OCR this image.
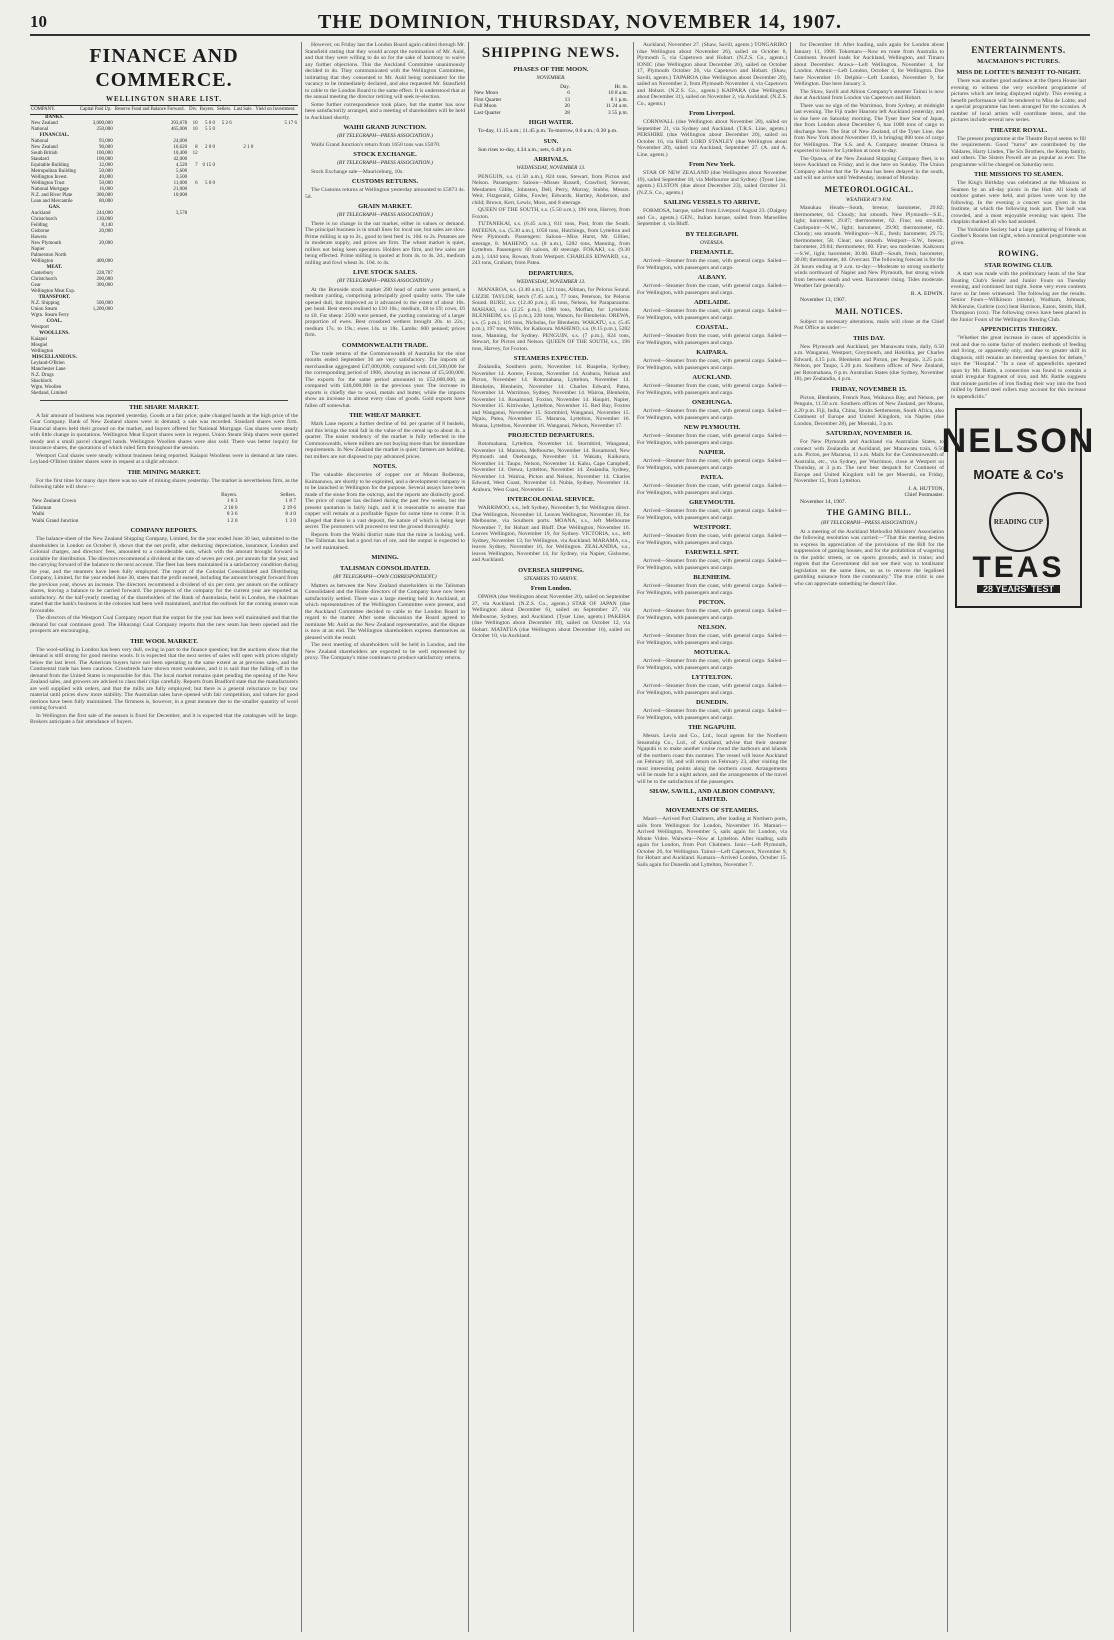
10	THE DOMINION, THURSDAY, NOVEMBER 14, 1907.
FINANCE AND COMMERCE.
WELLINGTON SHARE LIST.
COMPANY.	Capital Paid Up.	Reserve Fund and Balance Forward.	Div.	Buyers.	Sellers.	Last Sale.	Yield on Investment.
BANKS.							
New Zealand	3,000,000	393,678	10	5 0 0	5 2 6		5 17 6
National	250,000	465,000	10	5 5 0			
FINANCIAL.							
National	93,000	24,000					
New Zealand	96,000	16,620	8	2 0 0		2 1 0	
South British	100,000	10,400	12				
Standard	100,000	42,000					
Equitable Building	32,000	4,520	7	0 15 0			
Metropolitan Building	50,000	5,600					
Wellington Invest.	40,000	3,500					
Wellington Trust	50,000	11,000	6	5 0 0			
National Mortgage	16,000	21,000					
N.Z. and River Plate	300,000	10,000					
Loan and Mercantile	80,000						
GAS.							
Auckland	244,000	3,578					
Christchurch	130,000						
Feilding	8,140						
Gisborne	20,000						
Hawera							
New Plymouth	20,000						
Napier							
Palmerston North							
Wellington	400,000						
MEAT.							
Canterbury	228,707						
Christchurch	200,000						
Gear	300,000						
Wellington Meat Exp.							
TRANSPORT.							
N.Z. Shipping	500,000						
Union Steam	1,200,000						
Wgtn. Steam Ferry							
COAL.							
Westport							
WOOLLENS.							
Kaiapoi							
Mosgiel							
Wellington							
MISCELLANEOUS.							
Leyland-O'Brien							
Manchester Lane							
N.Z. Drugs							
Shacklock							
Wgtn. Woollen							
Shetland, Limited							
THE SHARE MARKET.

A fair amount of business was reported yesterday. Goods at a fair price; quite changed hands at the high price of the Gear Company. Bank of New Zealand shares were in demand; a sale was recorded. Standard shares were firm. Financial shares held their ground on the market, and buyers offered for National Mortgage. Gas shares were steady with little change in quotations. Wellington Meat Export shares were in request. Union Steam Ship shares were quoted steady and a small parcel changed hands. Wellington Woollen shares were also sold. There was better inquiry for insurance shares, the quotations of which ruled firm throughout the session.

Westport Coal shares were steady without business being reported. Kaiapoi Woollens were in demand at late rates. Leyland-O'Brien timber shares were in request at a slight advance.

THE MINING MARKET.

For the first time for many days there was no sale of mining shares yesterday. The market is nevertheless firm, as the following table will show:—

	Buyers.	Sellers.
New Zealand Crown	1 8 3	1 8 7
Talisman	2 18 0	2 19 6
Waihi	8 3 6	8 4 0
Waihi Grand Junction	1 2 0	1 3 0
COMPANY REPORTS.

The balance-sheet of the New Zealand Shipping Company, Limited, for the year ended June 30 last, submitted to the shareholders in London on October 8, shows that the net profit, after deducting depreciation, insurance, London and Colonial charges, and directors' fees, amounted to a considerable sum, which with the amount brought forward is available for distribution. The directors recommend a dividend at the rate of seven per cent. per annum for the year, and the carrying forward of the balance to the next account. The fleet has been maintained in a satisfactory condition during the year, and the steamers have been fully employed. The report of the Colonial Consolidated and Distributing Company, Limited, for the year ended June 30, states that the profit earned, including the amount brought forward from the previous year, shows an increase. The directors recommend a dividend of six per cent. per annum on the ordinary shares, leaving a balance to be carried forward. The prospects of the company for the current year are reported as satisfactory. At the half-yearly meeting of the shareholders of the Bank of Australasia, held in London, the chairman stated that the bank's business in the colonies had been well maintained, and that the outlook for the coming season was favourable.

The directors of the Westport Coal Company report that the output for the year has been well maintained and that the demand for coal continues good. The Hikurangi Coal Company reports that the new seam has been opened and the prospects are encouraging.

THE WOOL MARKET.

The wool-selling in London has been very dull, owing in part to the finance question; but the auctions show that the demand is still strong for good merino wools. It is expected that the next series of sales will open with prices slightly below the last level. The American buyers have not been operating to the same extent as at previous sales, and the Continental trade has been cautious. Crossbreds have shown most weakness, and it is said that the falling off in the demand from the United States is responsible for this. The local market remains quiet pending the opening of the New Zealand sales, and growers are advised to class their clips carefully. Reports from Bradford state that the manufacturers are well supplied with orders, and that the mills are fully employed; but there is a general reluctance to buy raw material until prices show more stability. The Australian sales have opened with fair competition, and values for good merinos have been fully maintained. The firmness is, however, in a great measure due to the smaller quantity of wool coming forward.

In Wellington the first sale of the season is fixed for December, and it is expected that the catalogues will be large. Brokers anticipate a fair attendance of buyers.

However, on Friday last the London Board again cabled through Mr. Stansfield stating that they would accept the nomination of Mr. Auld, and that they were willing to do so for the sake of harmony to waive any further objections. This the Auckland Committee unanimously decided to do. They communicated with the Wellington Committee, intimating that they consented to Mr. Auld being nominated for the vacancy to be immediately declared, and also requested Mr. Stansfield to cable to the London Board to the same effect. It is understood that at the annual meeting the director retiring will seek re-election.

Some further correspondence took place, but the matter has now been satisfactorily arranged, and a meeting of shareholders will be held in Auckland shortly.

WAIHI GRAND JUNCTION.
(BY TELEGRAPH—PRESS ASSOCIATION.)

Waihi Grand Junction's return from 1650 tons was £5070.

STOCK EXCHANGE.
(BY TELEGRAPH—PRESS ASSOCIATION.)

Stock Exchange sale—Mauriceburg, 10s.

CUSTOMS RETURNS.

The Customs returns at Wellington yesterday amounted to £5873 4s. 5d.

GRAIN MARKET.
(BY TELEGRAPH—PRESS ASSOCIATION.)

There is no change in the oat market, either in values or demand. The principal business is in small lines for local use, but sales are slow. Prime milling is up to 2s., good to best feed 1s. 10d. to 2s. Potatoes are in moderate supply, and prices are firm. The wheat market is quiet, millers not being keen operators. Holders are firm, and few sales are being effected. Prime milling is quoted at from 4s. to 4s. 2d., medium milling and fowl wheat 3s. 10d. to 4s.

LIVE STOCK SALES.
(BY TELEGRAPH—PRESS ASSOCIATION.)

At the Burnside stock market 280 head of cattle were penned, a medium yarding, comprising principally good quality sorts. The sale opened dull, but improved as it advanced to the extent of about 10s. per head. Best steers realised to £10 10s.; medium, £8 to £9; cows, £6 to £8. Fat sheep: 2500 were penned, the yarding consisting of a larger proportion of ewes. Best crossbred wethers brought 20s. to 22s.; medium 17s. to 19s.; ewes 14s. to 18s. Lambs: 600 penned; prices firm.

COMMONWEALTH TRADE.

The trade returns of the Commonwealth of Australia for the nine months ended September 30 are very satisfactory. The imports of merchandise aggregated £47,000,000, compared with £41,500,000 for the corresponding period of 1906, showing an increase of £5,500,000. The exports for the same period amounted to £52,000,000, as compared with £48,000,000 in the previous year. The increase in exports is chiefly due to wool, metals and butter, while the imports show an increase in almost every class of goods. Gold exports have fallen off somewhat.

THE WHEAT MARKET.

Mark Lane reports a further decline of 6d. per quarter of 8 bushels, and this brings the total fall in the value of the cereal up to about 4s. a quarter. The easier tendency of the market is fully reflected in the Commonwealth, where millers are not buying more than for immediate requirements. In New Zealand the market is quiet; farmers are holding, but millers are not disposed to pay advanced prices.

NOTES.

The valuable discoveries of copper ore at Mount Rolleston, Kaimanawa, are shortly to be exploited, and a development company is to be launched in Wellington for the purpose. Several assays have been made of the stone from the outcrop, and the reports are distinctly good. The price of copper has declined during the past few weeks, but the present quotation is fairly high, and it is reasonable to assume that copper will remain at a profitable figure for some time to come. It is alleged that there is a vast deposit, the nature of which is being kept secret. The promoters will proceed to test the ground thoroughly.

Reports from the Waihi district state that the mine is looking well. The Talisman has had a good run of ore, and the output is expected to be well maintained.

MINING.
TALISMAN CONSOLIDATED.
(BY TELEGRAPH—OWN CORRESPONDENT.)

Matters as between the New Zealand shareholders in the Talisman Consolidated and the Home directors of the Company have now been satisfactorily settled. There was a large meeting held in Auckland, at which representatives of the Wellington Committee were present, and the Auckland Committee decided to cable to the London Board in regard to the matter. After some discussion the Board agreed to nominate Mr. Auld as the New Zealand representative, and the dispute is now at an end. The Wellington shareholders express themselves as pleased with the result.

The next meeting of shareholders will be held in London, and the New Zealand shareholders are expected to be well represented by proxy. The Company's mine continues to produce satisfactory returns.

SHIPPING NEWS.
PHASES OF THE MOON.
NOVEMBER.
	Day.	Hr. m.
New Moon	6	10 8 a.m.
First Quarter	13	8 1 p.m.
Full Moon	20	11 24 a.m.
Last Quarter	28	3 55 p.m.
HIGH WATER.

To-day, 11.15 a.m.; 11.45 p.m. To-morrow, 0.0 a.m.; 0.30 p.m.

SUN.

Sun rises to-day, 4.34 a.m.; sets, 6.48 p.m.

ARRIVALS.
WEDNESDAY, NOVEMBER 13.

PENGUIN, s.s. (1.50 a.m.), 824 tons, Stewart, from Picton and Nelson. Passengers: Saloon—Misses Russell, Crawford, Stevens, Mesdames Gibbs, Johnston, Dell, Perry, Murray, Stubbs, Messrs. Weir, Fitzgerald, Gibbs, Fowler, Edwards, Hartley, Anderson, and child; Brown, Kerr, Lewis, Moss, and 8 steerage.

QUEEN OF THE SOUTH, s.s. (5.50 a.m.), 196 tons, Harvey, from Foxton.

TUTANEKAI, s.s. (6.45 a.m.), 811 tons, Post, from the South. PATEENA, s.s. (5.30 a.m.), 1058 tons, Hutchings, from Lyttelton and New Plymouth. Passengers: Saloon—Miss Hurst, Mr. Gillies; steerage, 8. MAHENO, s.s. (8 a.m.), 5282 tons, Manning, from Lyttelton. Passengers: 60 saloon, 40 steerage. FOKAKI, s.s. (9.30 a.m.), 1444 tons, Rowan, from Westport. CHARLES EDWARD, s.s., 243 tons, Graham, from Patea.

DEPARTURES.
WEDNESDAY, NOVEMBER 13.

MANAROA, s.s. (3.40 a.m.), 121 tons, Allman, for Pelorus Sound. LIZZIE TAYLOR, ketch (7.45 a.m.), 77 tons, Peterson, for Pelorus Sound. RURU, s.s. (12.40 p.m.), 45 tons, Nelson, for Paraparaumu. MAHAKI, s.s. (2.25 p.m.), 1980 tons, Moffatt, for Lyttelton. BLENHEIM, s.s. (5 p.m.), 220 tons, Watson, for Blenheim. OREWA, s.s. (5 p.m.), 116 tons, Nicholas, for Blenheim. WAKATU, s.s. (5.45 p.m.), 197 tons, Wills, for Kaikoura. MAHENO, s.s. (8.15 p.m.), 5282 tons, Manning, for Sydney. PENGUIN, s.s. (7 p.m.), 824 tons, Stewart, for Picton and Nelson. QUEEN OF THE SOUTH, s.s., 196 tons, Harvey, for Foxton.

STEAMERS EXPECTED.

Zealandia, Southern ports, November 14. Ruapehu, Sydney, November 14. Aorere, Foxton, November 14. Arahura, Nelson and Picton, November 14. Rotomahana, Lyttelton, November 14. Blenheim, Blenheim, November 14. Charles Edward, Patea, November 14. Warrimoo, Sydney, November 14. Wairoa, Blenheim, November 14. Rosamond, Foxton, November 14. Haupiri, Napier, November 15. Kittiwake, Lyttelton, November 15. Red Bay, Foxton and Wanganui, November 15. Stormbird, Wanganui, November 15. Ngaio, Patea, November 15. Mararoa, Lyttelton, November 16. Moana, Lyttelton, November 16. Wanganui, Nelson, November 17.

PROJECTED DEPARTURES.

Rotomahana, Lyttelton, November 14. Stormbird, Wanganui, November 14. Mararoa, Melbourne, November 14. Rosamond, New Plymouth and Onehunga, November 14. Wakatu, Kaikoura, November 14. Taupo, Nelson, November 14. Kahu, Cape Campbell, November 14. Orewa, Lyttelton, November 14. Zealandia, Sydney, November 14. Wairoa, Picton and Nelson, November 14. Charles Edward, West Coast, November 14. Nubia, Sydney, November 14. Arahura, West Coast, November 15.

INTERCOLONIAL SERVICE.

WARRIMOO, s.s., left Sydney, November 9, for Wellington direct. Due Wellington, November 14. Leaves Wellington, November 16, for Melbourne, via Southern ports. MOANA, s.s., left Melbourne November 7, for Hobart and Bluff. Due Wellington, November 16. Leaves Wellington, November 19, for Sydney. VICTORIA, s.s., left Sydney, November 13, for Wellington, via Auckland. MARAMA, s.s., leaves Sydney, November 16, for Wellington. ZEALANDIA, s.s., leaves Wellington, November 14, for Sydney, via Napier, Gisborne, and Auckland.

OVERSEA SHIPPING.
STEAMERS TO ARRIVE.
From London.

OPAWA (due Wellington about November 20), sailed on September 27, via Auckland. (N.Z.S. Co., agents.) STAR OF JAPAN (due Wellington about December 6), sailed on September 27, via Melbourne, Sydney, and Auckland. (Tyser Line, agents.) PAKEHA (due Wellington about December 10), sailed on October 12, via Hobart. MATATUA (due Wellington about December 16), sailed on October 10, via Auckland.

Auckland, November 27. (Shaw, Savill, agents.) TONGARIRO (due Wellington about November 26), sailed on October 8, Plymouth 5, via Capetown and Hobart. (N.Z.S. Co., agents.) IONIC (due Wellington about December 26), sailed on October 17, Plymouth October 26, via Capetown and Hobart. (Shaw, Savill, agents.) TAPAROA (due Wellington about December 20), sailed on November 2, from Plymouth November 4, via Capetown and Hobart. (N.Z.S. Co., agents.) KAIPARA (due Wellington about December 31), sailed on November 2, via Auckland. (N.Z.S. Co., agents.)

From Liverpool.

CORNWALL (due Wellington about November 28), sailed on September 21, via Sydney and Auckland. (T.R.S. Line, agents.) PERSHIRE (due Wellington about December 20), sailed on October 16, via Bluff. LORD STANLEY (due Wellington about November 20), sailed via Auckland, September 27. (A. and A. Line, agents.)

From New York.

STAR OF NEW ZEALAND (due Wellington about November 19), sailed September 18, via Melbourne and Sydney. (Tyser Line, agents.) ELSTON (due about December 23), sailed October 31. (N.Z.S. Co., agents.)

SAILING VESSELS TO ARRIVE.

FORMOSA, barque, sailed from Liverpool August 23. (Dalgety and Co., agents.) GEN., Italian barque, sailed from Marseilles September 4, via Bluff.

BY TELEGRAPH.
OVERSEA.
FREMANTLE.

Arrived—Steamer from the coast, with general cargo. Sailed—For Wellington, with passengers and cargo.

ALBANY.

Arrived—Steamer from the coast, with general cargo. Sailed—For Wellington, with passengers and cargo.

ADELAIDE.

Arrived—Steamer from the coast, with general cargo. Sailed—For Wellington, with passengers and cargo.

COASTAL.

Arrived—Steamer from the coast, with general cargo. Sailed—For Wellington, with passengers and cargo.

KAIPARA.

Arrived—Steamer from the coast, with general cargo. Sailed—For Wellington, with passengers and cargo.

AUCKLAND.

Arrived—Steamer from the coast, with general cargo. Sailed—For Wellington, with passengers and cargo.

ONEHUNGA.

Arrived—Steamer from the coast, with general cargo. Sailed—For Wellington, with passengers and cargo.

NEW PLYMOUTH.

Arrived—Steamer from the coast, with general cargo. Sailed—For Wellington, with passengers and cargo.

NAPIER.

Arrived—Steamer from the coast, with general cargo. Sailed—For Wellington, with passengers and cargo.

PATEA.

Arrived—Steamer from the coast, with general cargo. Sailed—For Wellington, with passengers and cargo.

GREYMOUTH.

Arrived—Steamer from the coast, with general cargo. Sailed—For Wellington, with passengers and cargo.

WESTPORT.

Arrived—Steamer from the coast, with general cargo. Sailed—For Wellington, with passengers and cargo.

FAREWELL SPIT.

Arrived—Steamer from the coast, with general cargo. Sailed—For Wellington, with passengers and cargo.

BLENHEIM.

Arrived—Steamer from the coast, with general cargo. Sailed—For Wellington, with passengers and cargo.

PICTON.

Arrived—Steamer from the coast, with general cargo. Sailed—For Wellington, with passengers and cargo.

NELSON.

Arrived—Steamer from the coast, with general cargo. Sailed—For Wellington, with passengers and cargo.

MOTUEKA.

Arrived—Steamer from the coast, with general cargo. Sailed—For Wellington, with passengers and cargo.

LYTTELTON.

Arrived—Steamer from the coast, with general cargo. Sailed—For Wellington, with passengers and cargo.

DUNEDIN.

Arrived—Steamer from the coast, with general cargo. Sailed—For Wellington, with passengers and cargo.

THE NGAPUHI.

Messrs. Levin and Co., Ltd., local agents for the Northern Steamship Co., Ltd., of Auckland, advise that their steamer Ngapuhi is to make another cruise round the harbours and islands of the northern coast this summer. The vessel will leave Auckland on February 18, and will return on February 23, after visiting the most interesting points along the northern coast. Arrangements will be made for a night ashore, and the arrangements of the travel will be to the satisfaction of the passengers.

SHAW, SAVILL, AND ALBION COMPANY, LIMITED.
MOVEMENTS OF STEAMERS.

Maori—Arrived Port Chalmers, after loading at Northern ports, sails from Wellington for London, November 16. Mamari—Arrived Wellington, November 5, sails again for London, via Monte Video. Waiwera—Now at Lyttelton. After loading, sails again for London, from Port Chalmers. Ionic—Left Plymouth, October 26, for Wellington. Tainui—Left Capetown, November 9, for Hobart and Auckland. Kumara—Arrived London, October 15. Sails again for Dunedin and Lyttelton, November 7.

for December 18. After loading, sails again for London about January 11, 1908. Tokomaru—Now en route from Australia to Continent. Inward loads for Auckland, Wellington, and Timaru about December. Arawa—Left Wellington, November 4, for London. Athenic—Left London, October 4, for Wellington. Due here November 19. Delphic—Left London, November 9, for Wellington. Due here January 3.

The Shaw, Savill and Albion Company's steamer Tainui is now due at Auckland from London via Capetown and Hobart.

There was no sign of the Warrimoo, from Sydney, at midnight last evening. The Fiji trader Hauroto left Auckland yesterday, and is due here on Saturday morning. The Tyser liner Star of Japan, due from London about December 6, has 1000 tons of cargo to discharge here. The Star of New Zealand, of the Tyser Line, due from New York about November 19, is bringing 800 tons of cargo for Wellington. The S.S. and A. Company steamer Ottawa is expected to leave for Lyttelton at noon to-day.

The Opawa, of the New Zealand Shipping Company fleet, is to leave Auckland on Friday, and is due here on Sunday. The Union Company advise that the Te Anau has been delayed in the south, and will not arrive until Wednesday, instead of Monday.

METEOROLOGICAL.
WEATHER AT 9 P.M.

Manukau Heads—South, breeze; barometer, 29.82; thermometer, 64. Cloudy; bar smooth. New Plymouth—S.E., light; barometer, 29.87; thermometer, 62. Fine; sea smooth. Castlepoint—N.W., light; barometer, 29.90; thermometer, 62. Cloudy; sea smooth. Wellington—N.E., fresh; barometer, 29.75; thermometer, 58. Clear; sea smooth. Westport—S.W., breeze; barometer, 29.84; thermometer, 60. Fine; sea moderate. Kaikoura—S.W., light; barometer, 30.00. Bluff—South, fresh; barometer, 30.00; thermometer, 40. Overcast. The following forecast is for the 24 hours ending at 9 a.m. to-day:—Moderate to strong southerly winds northward of Napier and New Plymouth, but strong winds from between south and west. Barometer rising. Tides moderate. Weather fair generally.

R. A. EDWIN.

November 13, 1907.

MAIL NOTICES.

Subject to necessary alterations, mails will close at the Chief Post Office as under:—

THIS DAY.

New Plymouth and Auckland, per Manawatu train, daily, 6.50 a.m. Wanganui, Westport, Greymouth, and Hokitika, per Charles Edward, 4.15 p.m. Blenheim and Picton, per Penguin, 3.25 p.m. Nelson, per Taupo, 5.20 p.m. Southern offices of New Zealand, per Rotomahana, 6 p.m. Australian States (due Sydney, November 18), per Zealandia, 4 p.m.

FRIDAY, NOVEMBER 15.

Picton, Blenheim, French Pass, Waikawa Bay, and Nelson, per Penguin, 11.50 a.m. Southern offices of New Zealand, per Moana, 4.20 p.m. Fiji, India, China, Straits Settlements, South Africa, also Continent of Europe and United Kingdom, via Naples (due London, December 28), per Moeraki, 3 p.m.

SATURDAY, NOVEMBER 16.

For New Plymouth and Auckland via Australian States, to connect with Zealandia at Auckland, per Manawatu train, 6.50 a.m. Picton, per Mararoa, 11 a.m. Mails for the Commonwealth of Australia, etc., via Sydney, per Warrimoo, close at Westport on Thursday, at 3 p.m. The next best despatch for Continent of Europe and United Kingdom will be per Moeraki, on Friday, November 15, from Lyttelton.

J. A. HUTTON,
Chief Postmaster.

November 14, 1907.

THE GAMING BILL.
(BY TELEGRAPH—PRESS ASSOCIATION.)

At a meeting of the Auckland Methodist Ministers' Association the following resolution was carried:—"That this meeting desires to express its appreciation of the provisions of the Bill for the suppression of gaming houses, and for the prohibition of wagering in the public streets, or on sports grounds, and in trains; and regrets that the Government did not see their way to totalisator legislation on the same lines, so as to remove the legalised gambling nuisance from the community." The true critic is one who can appreciate something he doesn't like.

ENTERTAINMENTS.
MACMAHON'S PICTURES.
MISS DE LOITTE'S BENEFIT TO-NIGHT.

There was another good audience at the Opera House last evening to witness the very excellent programme of pictures which are being displayed nightly. This evening a benefit performance will be tendered to Miss de Loitte, and a special programme has been arranged for the occasion. A number of local artists will contribute items, and the pictures include several new series.

THEATRE ROYAL.

The present programme at the Theatre Royal seems to fill the requirements. Good "turns" are contributed by the Valdares, Harry Linden, The Six Brothers, the Kemp family, and others. The Sisters Powell are as popular as ever. The programme will be changed on Saturday next.

THE MISSIONS TO SEAMEN.

The King's Birthday was celebrated at the Missions to Seamen by an all-day picnic in the Hutt. All kinds of outdoor games were held, and prizes were won by the following. In the evening a concert was given in the Institute, at which the following took part. The hall was crowded, and a most enjoyable evening was spent. The chaplain thanked all who had assisted.

The Yorkshire Society had a large gathering of friends at Godber's Rooms last night, when a musical programme was given.

ROWING.
STAR ROWING CLUB.

A start was made with the preliminary heats of the Star Boating Club's Senior and Junior Fours on Tuesday evening, and continued last night. Some very even contests have so far been witnessed. The following are the results. Senior Fours—Wilkinson (stroke), Wadham, Johnson, McKenzie, Guthrie (cox) beat Harrison, Eaton, Smith, Hall, Thompson (cox). The following crews have been placed in the Junior Fours of the Wellington Rowing Club.

APPENDICITIS THEORY.

"Whether the great increase in cases of appendicitis is real and due to some factor of modern methods of feeding and living, or apparently only, and due to greater skill in diagnosis, still remains an interesting question for debate," says the "Hospital." "In a case of appendicitis operated upon by Mr. Battle, a connection was found to contain a small irregular fragment of iron, and Mr. Battle suggests that minute particles of iron finding their way into the food milled by flatted steel rollers may account for this increase in appendicitis."

NELSON
MOATE & Co's
READING CUP
TEAS
28 YEARS' TEST
